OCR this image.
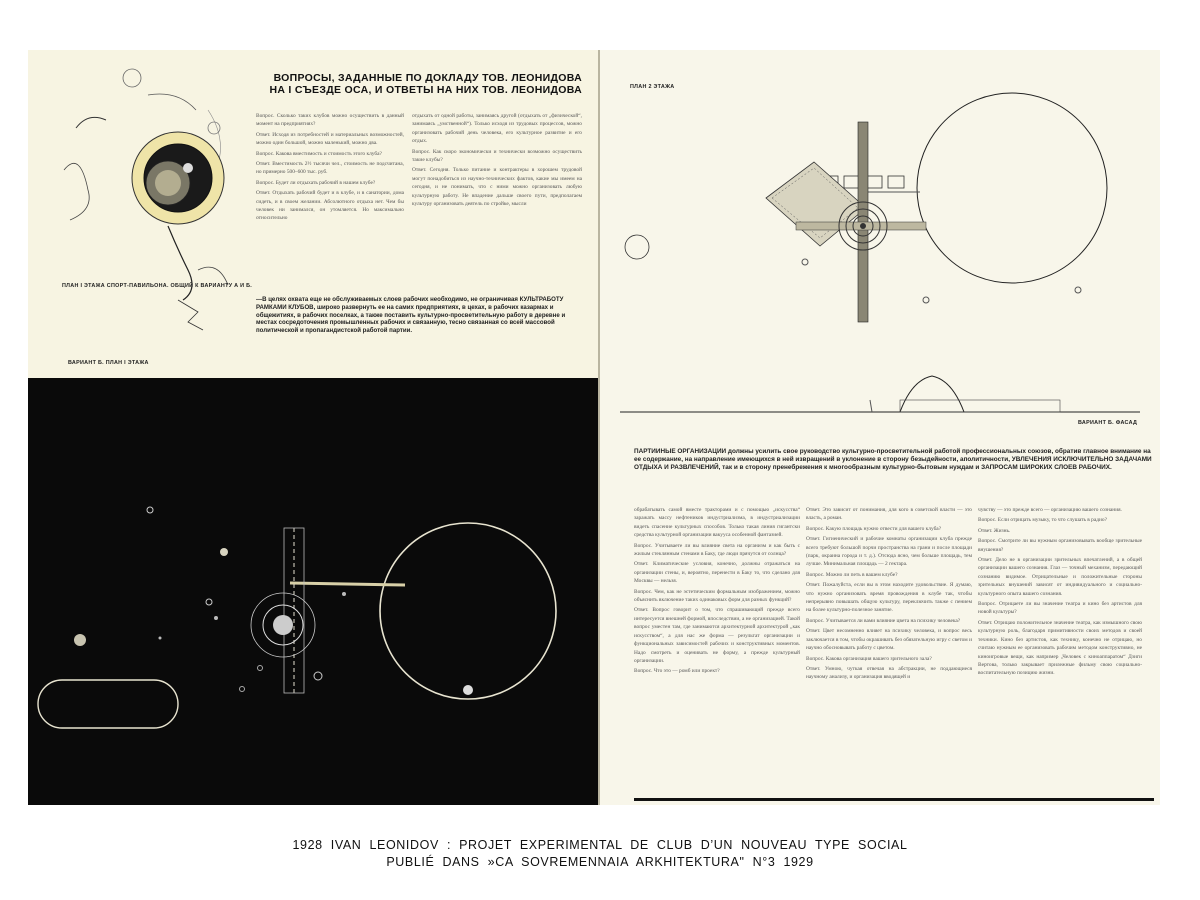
ВОПРОСЫ, ЗАДАННЫЕ ПО ДОКЛАДУ ТОВ. ЛЕОНИДОВА НА I СЪЕЗДЕ ОСА, И ОТВЕТЫ НА НИХ ТОВ. ЛЕОНИДОВА

Вопрос. Сколько таких клубов можно осуществить в данный момент на предприятиях?

Ответ. Исходя из потребностей и материальных возможностей, можно один большой, можно маленький, можно два.

Вопрос. Какова вместимость и стоимость этого клуба?

Ответ. Вместимость 2½ тысячи чел., стоимость не подсчитана, но примерно 500–600 тыс. руб.

Вопрос. Будет ли отдыхать рабочий в нашем клубе?

Ответ. Отдыхать рабочий будет и в клубе, и в санатории, дома сидеть, и в своем желании. Абсолютного отдыха нет. Чем бы человек ни занимался, он утомляется. Но максимально относительно

отдыхать от одной работы, занимаясь другой (отдыхать от „физической“, занимаясь „умственной“). Только исходя из трудовых процессов, можно организовать рабочий день человека, его культурное развитие и его отдых.

Вопрос. Как скоро экономически и технически возможно осуществить такие клубы?

Ответ. Сегодня. Только питание и контрактеры в хорошем трудовой могут понадобиться из научно-технических фактов, какие мы имеем на сегодня, и не понимать, что с ними можно организовать любую культурную работу. Не впадение дальше своего пути, предполагаем культуру организовать деятель по стройке, мысли

ПЛАН I ЭТАЖА СПОРТ-ПАВИЛЬОНА. ОБЩИЙ К ВАРИАНТУ А И Б.
—В целях охвата еще не обслуживаемых слоев рабочих необходимо, не ограничивая КУЛЬТРАБОТУ РАМКАМИ КЛУБОВ, широко развернуть ее на самих предприятиях, в цехах, в рабочих казармах и общежитиях, в рабочих поселках, а также поставить культурно-просветительную работу в деревне и местах сосредоточения промышленных рабочих и связанную, тесно связанная со всей массовой политической и пропагандистской работой партии.
ВАРИАНТ Б. ПЛАН I ЭТАЖА
ПЛАН 2 ЭТАЖА
ВАРИАНТ Б. ФАСАД
ПАРТИЙНЫЕ ОРГАНИЗАЦИИ должны усилить свое руководство культурно-просветительной работой профессиональных союзов, обратив главное внимание на ее содержание, на направление имеющихся в ней извращений в уклонение в сторону безыдейности, аполитичности, УВЛЕЧЕНИЯ ИСКЛЮЧИТЕЛЬНО ЗАДАЧАМИ ОТДЫХА И РАЗВЛЕЧЕНИЙ, так и в сторону пренебрежения к многообразным культурно-бытовым нуждам и ЗАПРОСАМ ШИРОКИХ СЛОЕВ РАБОЧИХ.

обрабатывать самой вместе тракторами и с помощью „искусства“ заражать массу нефтеников индустриализма, в индустриализации видеть спасение культурных способов. Только такая линия гигантски средства культурной организации вакууса особенной фантазией.

Вопрос. Учитываете ли вы влияние света на организм и как быть с жилым стеклянным стенами в Баку, где люди прячутся от солнца?

Ответ. Климатические условия, конечно, должны отражаться на организации стены, и, вероятно, перенести в Баку то, что сделано для Москвы — нельзя.

Вопрос. Чем, как не эстетическим формальным изображением, можно объяснить включение таких одинаковых форм для разных функций?

Ответ. Вопрос говорит о том, что спрашивающий прежде всего интересуется внешней формой, впоследствии, а не организацией. Такой вопрос уместен там, где занимаются архитектурной архитектурой „как искусством“, а для нас же форма — результат организации и функциональных зависимостей рабочих и конструктивных моментов. Надо смотреть и оценивать не форму, а прежде культурный организации.

Вопрос. Что это — ромб или проект?

Ответ. Это зависит от понимания, для кого в советской власти — это власть, а роман.

Вопрос. Какую площадь нужно отвести для вашего клуба?

Ответ. Гигиенический и рабочие комнаты организации клуба прежде всего требуют большой порчи пространства на грани и после площади (парк, окраина города и т. д.). Отсюда ясно, чем больше площадь, тем лучше. Минимальная площадь — 2 гектара.

Вопрос. Можно ли петь в вашем клубе?

Ответ. Пожалуйста, если вы в этом находите удовольствие. Я думаю, что нужно организовать время провождения в клубе так, чтобы непрерывно повышать общую культуру, переключить также с пением на более культурно-полезное занятие.

Вопрос. Учитывается ли вами влияние цвета на психику человека?

Ответ. Цвет несомненно влияет на психику человека, и вопрос весь заключается в том, чтобы окрашивать без обязательную игру с светом и научно обосновывать работу с цветом.

Вопрос. Какова организация вашего зрительного зала?

Ответ. Умною, чуткая отвечая на абстракции, не поддающиеся научному анализу, и организация вводящей и

чувству — это прежде всего — организацию вашего сознания.

Вопрос. Если отрицать музыку, то что слушать в радио?

Ответ. Жизнь.

Вопрос. Смотрите ли вы нужным организовывать вообще зрительные внушения?

Ответ. Дело не в организации зрительных впечатлений, а в общей организации вашего сознания. Глаз — точный механизм, передающий сознанию видимое. Отрицательные и положительные стороны зрительных внушений зависят от индивидуального и социально-культурного опыта вашего сознания.

Вопрос. Отрицаете ли вы значение театра и кино без артистов для новой культуры?

Ответ. Отрицаю положительное значение театра, как измышного свою культурную роль, благодаря примитивности своих методов и своей техники. Кино без артистов, как технику, конечно не отрицаю, но считаю нужным ее организовать рабочим методом конструктивно, не киноигровые вещи, как например „Человек с киноаппаратом“ Дзиги Вертова, только закрывает прилежные фильму свою социально-воспитательную позицию жизни.

1928 IVAN LEONIDOV : PROJET EXPERIMENTAL DE CLUB D’UN NOUVEAU TYPE SOCIAL
PUBLIÉ DANS »CA SOVREMENNAIA ARKHITEKTURA" N°3 1929
